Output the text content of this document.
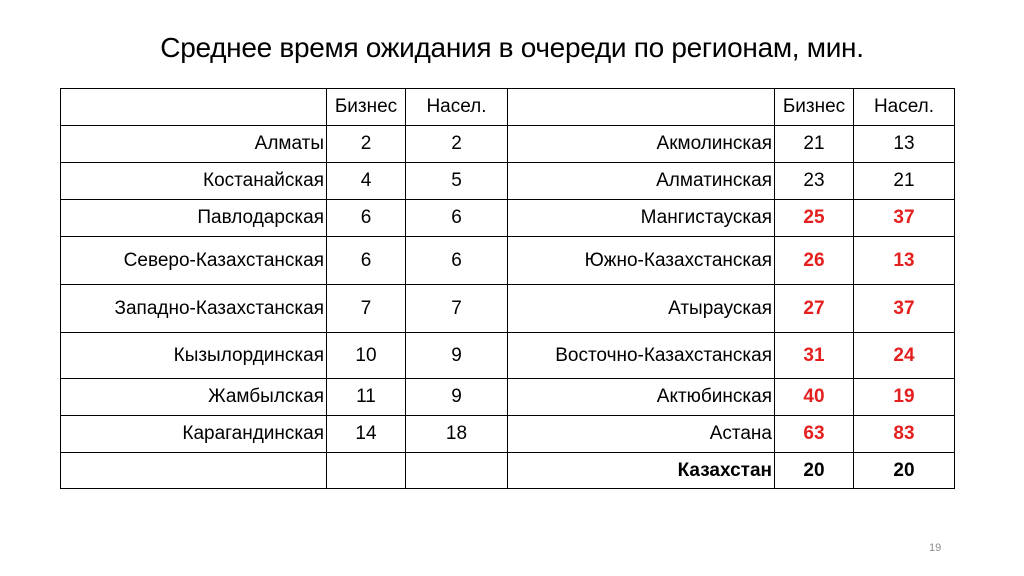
Среднее время ожидания в очереди по регионам, мин.
	Бизнес	Насел.		Бизнес	Насел.
Алматы	2	2	Акмолинская	21	13
Костанайская	4	5	Алматинская	23	21
Павлодарская	6	6	Мангистауская	25	37
Северо-Казахстанская	6	6	Южно-Казахстанская	26	13
Западно-Казахстанская	7	7	Атырауская	27	37
Кызылординская	10	9	Восточно-Казахстанская	31	24
Жамбылская	11	9	Актюбинская	40	19
Карагандинская	14	18	Астана	63	83
			Казахстан	20	20
19
